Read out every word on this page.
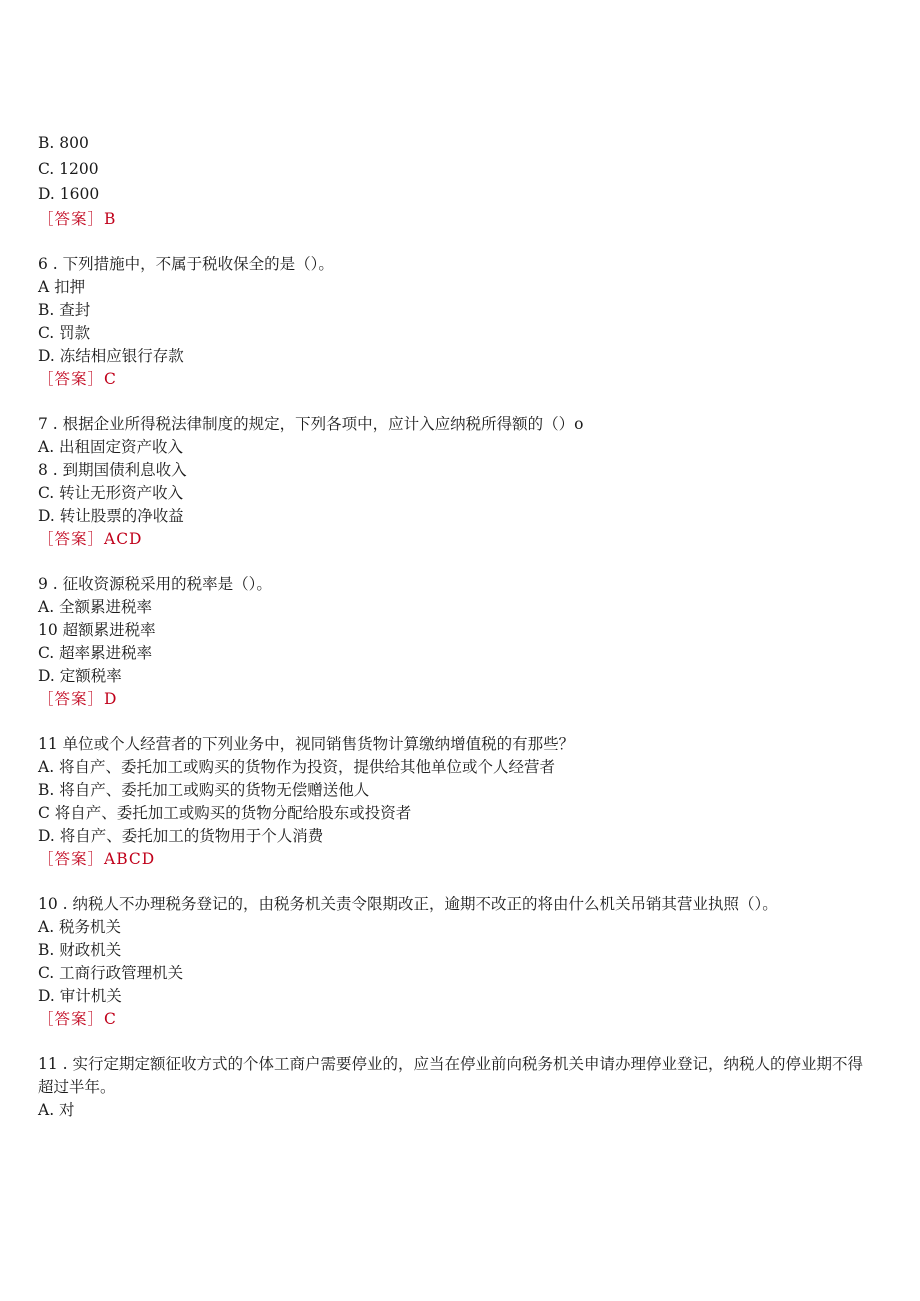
B. 800
C. 1200
D. 1600
［答案］B
6 . 下列措施中，不属于税收保全的是（）。
A 扣押
B. 查封
C. 罚款
D. 冻结相应银行存款
［答案］C
7 . 根据企业所得税法律制度的规定，下列各项中，应计入应纳税所得额的（）o
A. 出租固定资产收入
8 . 到期国债利息收入
C. 转让无形资产收入
D. 转让股票的净收益
［答案］ACD
9 . 征收资源税采用的税率是（）。
A. 全额累进税率
10 超额累进税率
C. 超率累进税率
D. 定额税率
［答案］D
11 单位或个人经营者的下列业务中，视同销售货物计算缴纳增值税的有那些？
A. 将自产、委托加工或购买的货物作为投资，提供给其他单位或个人经营者
B. 将自产、委托加工或购买的货物无偿赠送他人
C 将自产、委托加工或购买的货物分配给股东或投资者
D. 将自产、委托加工的货物用于个人消费
［答案］ABCD
10 . 纳税人不办理税务登记的，由税务机关责令限期改正，逾期不改正的将由什么机关吊销其营业执照（）。
A. 税务机关
B. 财政机关
C. 工商行政管理机关
D. 审计机关
［答案］C
11 . 实行定期定额征收方式的个体工商户需要停业的，应当在停业前向税务机关申请办理停业登记，纳税人的停业期不得超过半年。
A. 对
